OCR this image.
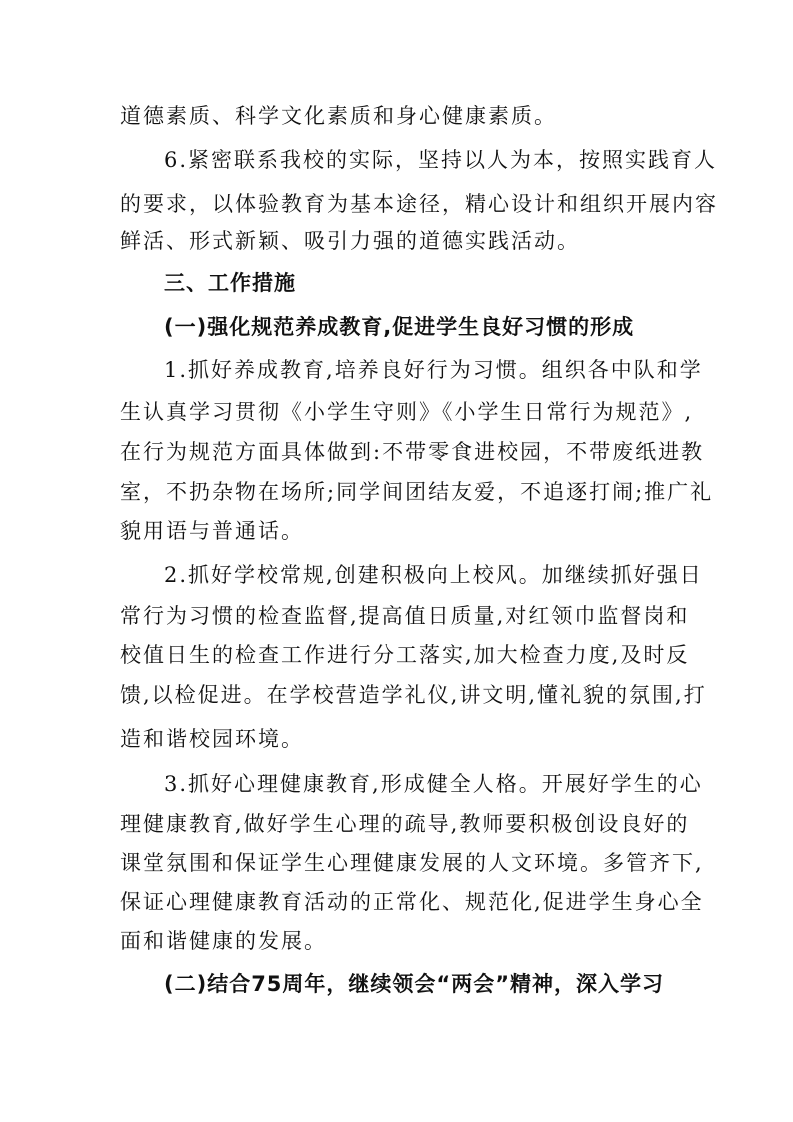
道德素质、科学文化素质和身心健康素质。

6.紧密联系我校的实际，坚持以人为本，按照实践育人

的要求，以体验教育为基本途径，精心设计和组织开展内容

鲜活、形式新颖、吸引力强的道德实践活动。

三、工作措施

(一)强化规范养成教育,促进学生良好习惯的形成

1.抓好养成教育,培养良好行为习惯。组织各中队和学

生认真学习贯彻《小学生守则》《小学生日常行为规范》,

在行为规范方面具体做到:不带零食进校园，不带废纸进教

室，不扔杂物在场所;同学间团结友爱，不追逐打闹;推广礼

貌用语与普通话。

2.抓好学校常规,创建积极向上校风。加继续抓好强日

常行为习惯的检查监督,提高值日质量,对红领巾监督岗和

校值日生的检查工作进行分工落实,加大检查力度,及时反

馈,以检促进。在学校营造学礼仪,讲文明,懂礼貌的氛围,打

造和谐校园环境。

3.抓好心理健康教育,形成健全人格。开展好学生的心

理健康教育,做好学生心理的疏导,教师要积极创设良好的

课堂氛围和保证学生心理健康发展的人文环境。多管齐下,

保证心理健康教育活动的正常化、规范化,促进学生身心全

面和谐健康的发展。

(二)结合75周年，继续领会“两会”精神，深入学习
